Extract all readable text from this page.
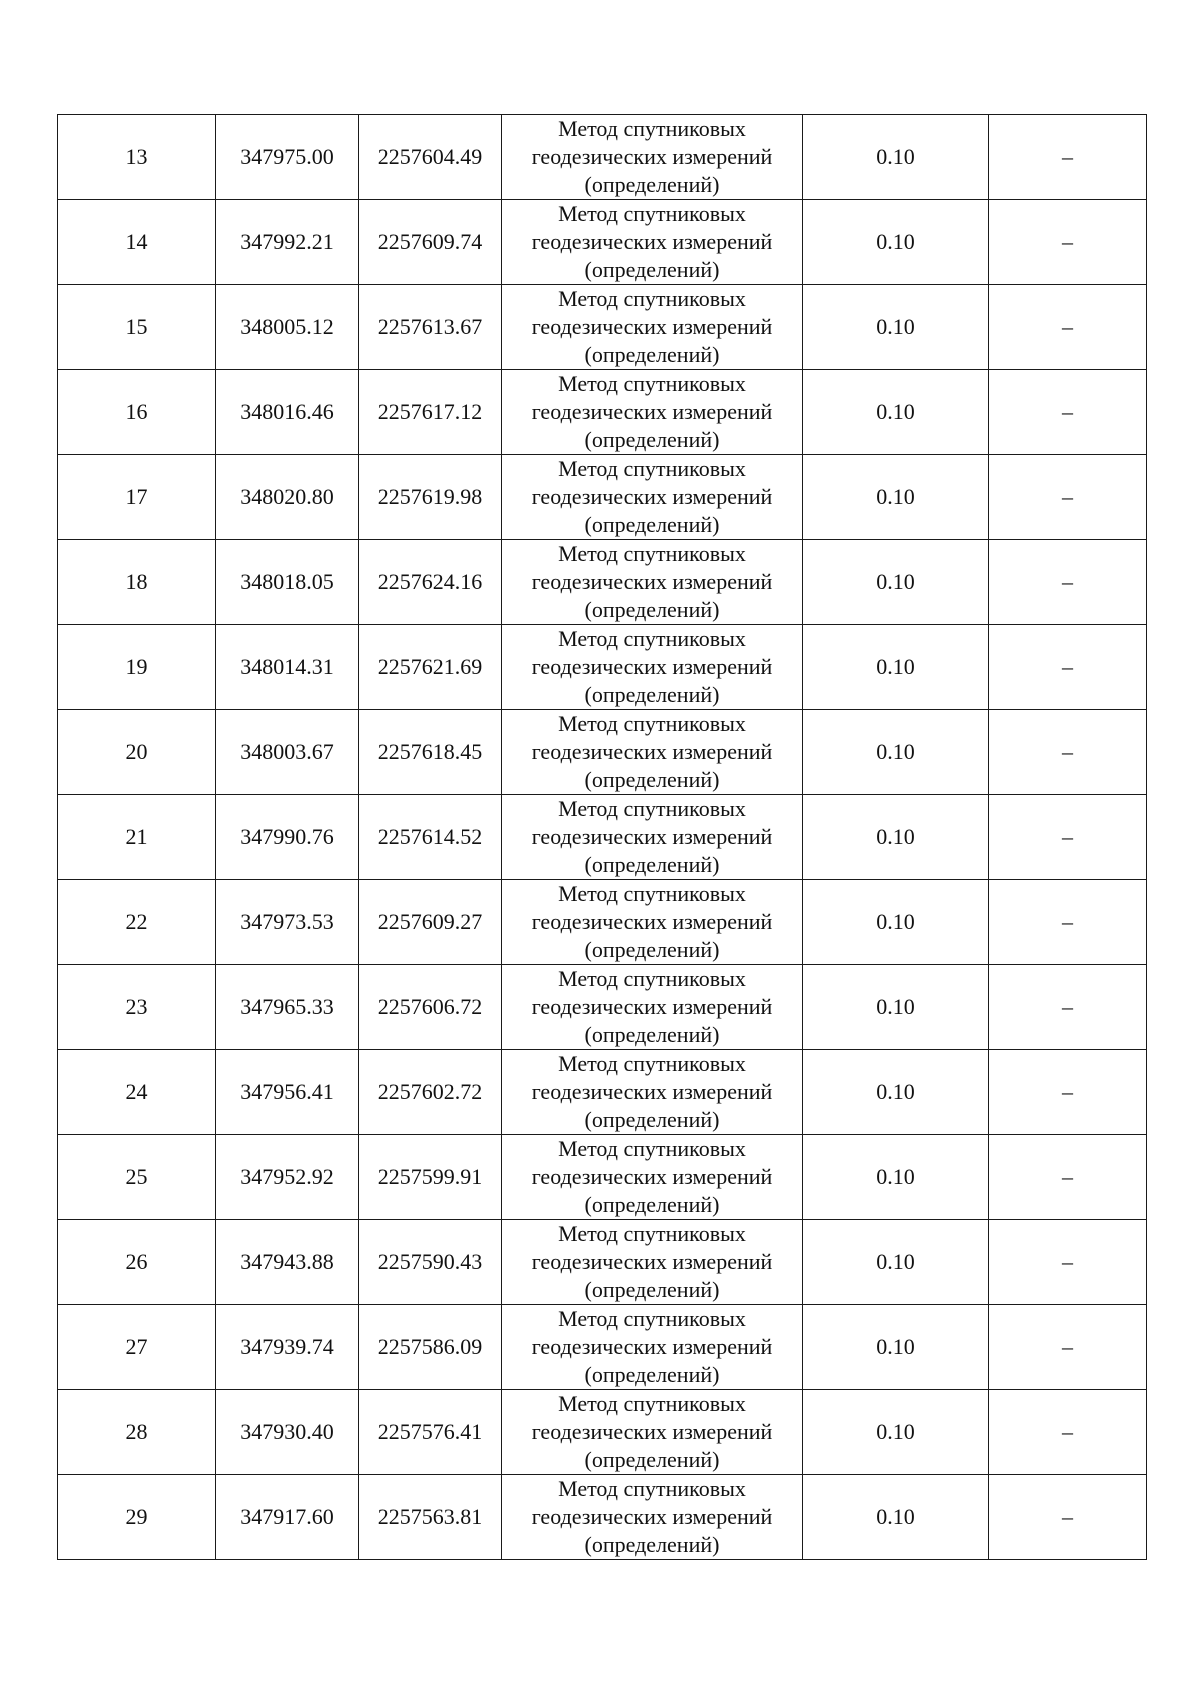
13	347975.00	2257604.49	Метод спутниковых
геодезических измерений
(определений)	0.10	–
14	347992.21	2257609.74	Метод спутниковых
геодезических измерений
(определений)	0.10	–
15	348005.12	2257613.67	Метод спутниковых
геодезических измерений
(определений)	0.10	–
16	348016.46	2257617.12	Метод спутниковых
геодезических измерений
(определений)	0.10	–
17	348020.80	2257619.98	Метод спутниковых
геодезических измерений
(определений)	0.10	–
18	348018.05	2257624.16	Метод спутниковых
геодезических измерений
(определений)	0.10	–
19	348014.31	2257621.69	Метод спутниковых
геодезических измерений
(определений)	0.10	–
20	348003.67	2257618.45	Метод спутниковых
геодезических измерений
(определений)	0.10	–
21	347990.76	2257614.52	Метод спутниковых
геодезических измерений
(определений)	0.10	–
22	347973.53	2257609.27	Метод спутниковых
геодезических измерений
(определений)	0.10	–
23	347965.33	2257606.72	Метод спутниковых
геодезических измерений
(определений)	0.10	–
24	347956.41	2257602.72	Метод спутниковых
геодезических измерений
(определений)	0.10	–
25	347952.92	2257599.91	Метод спутниковых
геодезических измерений
(определений)	0.10	–
26	347943.88	2257590.43	Метод спутниковых
геодезических измерений
(определений)	0.10	–
27	347939.74	2257586.09	Метод спутниковых
геодезических измерений
(определений)	0.10	–
28	347930.40	2257576.41	Метод спутниковых
геодезических измерений
(определений)	0.10	–
29	347917.60	2257563.81	Метод спутниковых
геодезических измерений
(определений)	0.10	–
